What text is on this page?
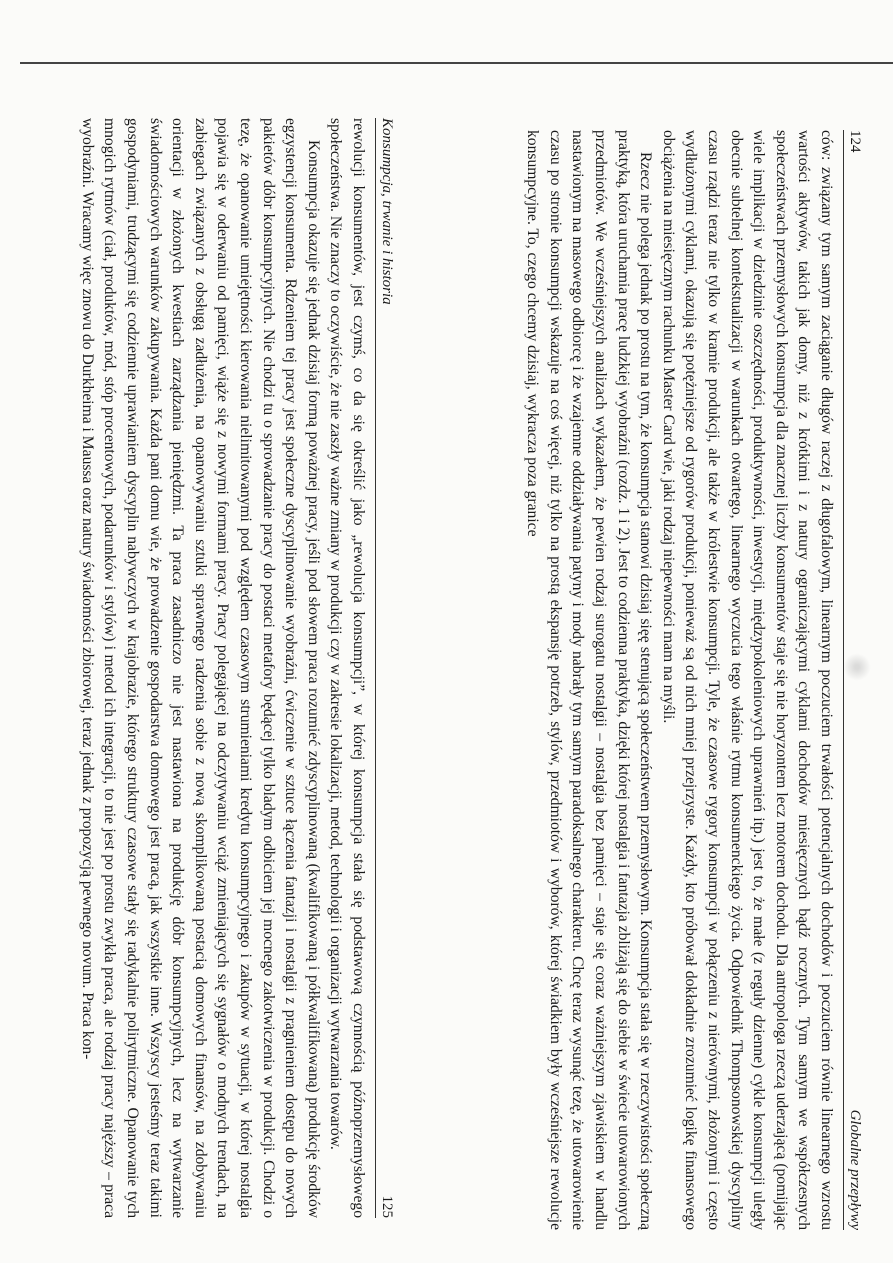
124
Globalne przepływy

ców: związany tym samym zaciąganie długów raczej z długofalowym, linearnym poczuciem trwałości potencjalnych dochodów i poczuciem równie linearnego wzrostu wartości aktywów, takich jak domy, niż z krótkimi i z natury ograniczającymi cyklami dochodów miesięcznych bądź rocznych. Tym samym we współczesnych społeczeństwach przemysłowych konsumpcja dla znacznej liczby konsumentów staje się nie horyzontem lecz motorem dochodu. Dla antropologa rzeczą uderzającą (pomijając wiele implikacji w dziedzinie oszczędności, produktywności, inwestycji, międzypokoleniowych uprawnień itp.) jest to, że małe (z reguły dzienne) cykle konsumpcji uległy obecnie subtelnej kontekstualizacji w warunkach otwartego, linearnego wyczucia tego właśnie rytmu konsumenckiego życia. Odpowiednik Thompsonowskiej dyscypliny czasu rządzi teraz nie tylko w kramie produkcji, ale także w królestwie konsumpcji. Tyle, że czasowe rygory konsumpcji w połączeniu z nierównymi, złożonymi i często wydłużonymi cyklami, okazują się potężniejsze od rygorów produkcji, ponieważ są od nich mniej przejrzyste. Każdy, kto próbował dokładnie zrozumieć logikę finansowego obciążenia na miesięcznym rachunku Master Card wie, jaki rodzaj niepewności mam na myśli.

Rzecz nie polega jednak po prostu na tym, że konsumpcja stanowi dzisiaj sięę stenującą społeczeństwem przemysłowym. Konsumpcja stała się w rzeczywistości społeczną praktyką, która uruchamia pracę ludzkiej wyobraźni (rozdz. 1 i 2). Jest to codzienna praktyka, dzięki której nostalgia i fantazja zbliżają się do siebie w świecie utowarowionych przedmiotów. We wcześniejszych analizach wykazałem, że pewien rodzaj surogatu nostalgii – nostalgia bez pamięci – staje się coraz ważniejszym zjawiskiem w handlu nastawionym na masowego odbiorcę i że wzajemne oddziaływania patyny i mody nabrały tym samym paradoksalnego charakteru. Chcę teraz wysunąć tezę, że utowarowienie czasu po stronie konsumpcji wskazuje na coś więcej, niż tylko na prostą ekspansję potrzeb, stylów, przedmiotów i wyborów, której świadkiem były wcześniejsze rewolucje konsumpcyjne. To, czego chcemy dzisiaj, wykracza poza granice

Konsumpcja, trwanie i historia
125

rewolucji konsumentów, jest czymś, co da się określić jako „rewolucja konsumpcji”, w której konsumpcja stała się podstawową czynnością późnoprzemysłowego społeczeństwa. Nie znaczy to oczywiście, że nie zaszły ważne zmiany w produkcji czy w zakresie lokalizacji, metod, technologii i organizacji wytwarzania towarów.

Konsumpcja okazuje się jednak dzisiaj formą poważnej pracy, jeśli pod słowem praca rozumieć zdyscyplinowaną (kwalifikowaną i półkwalifikowaną) produkcję środków egzystencji konsumenta. Rdzeniem tej pracy jest społeczne dyscyplinowanie wyobraźni, ćwiczenie w sztuce łączenia fantazji i nostalgii z pragnieniem dostępu do nowych pakietów dóbr konsumpcyjnych. Nie chodzi tu o sprowadzanie pracy do postaci metafory będącej tylko bladym odbiciem jej mocnego zakotwiczenia w produkcji. Chodzi o tezę, że opanowanie umiejętności kierowania nielimitowanymi pod względem czasowym strumieniami kredytu konsumpcyjnego i zakupów w sytuacji, w której nostalgia pojawia się w oderwaniu od pamięci, wiąże się z nowymi formami pracy. Pracy polegającej na odczytywaniu wciąż zmieniających się sygnałów o modnych trendach, na zabiegach związanych z obsługą zadłużenia, na opanowywaniu sztuki sprawnego radzenia sobie z nową skomplikowaną postacią domowych finansów, na zdobywaniu orientacji w złożonych kwestiach zarządzania pieniędzmi. Ta praca zasadniczo nie jest nastawiona na produkcję dóbr konsumpcyjnych, lecz na wytwarzanie świadomościowych warunków zakupywania. Każda pani domu wie, że prowadzenie gospodarstwa domowego jest pracą, jak wszystkie inne. Wszyscy jesteśmy teraz takimi gospodyniami, trudzącymi się codziennie uprawianiem dyscyplin nabywczych w krajobrazie, którego struktury czasowe stały się radykalnie polirytmiczne. Opanowanie tych mnogich rytmów (ciał, produktów, mód, stóp procentowych, podarunków i stylów) i metod ich integracji, to nie jest po prostu zwykła praca, ale rodzaj pracy najęższy – praca wyobraźni. Wracamy więc znowu do Durkheima i Maussa oraz natury świadomości zbiorowej, teraz jednak z propozycją pewnego novum. Praca kon-
